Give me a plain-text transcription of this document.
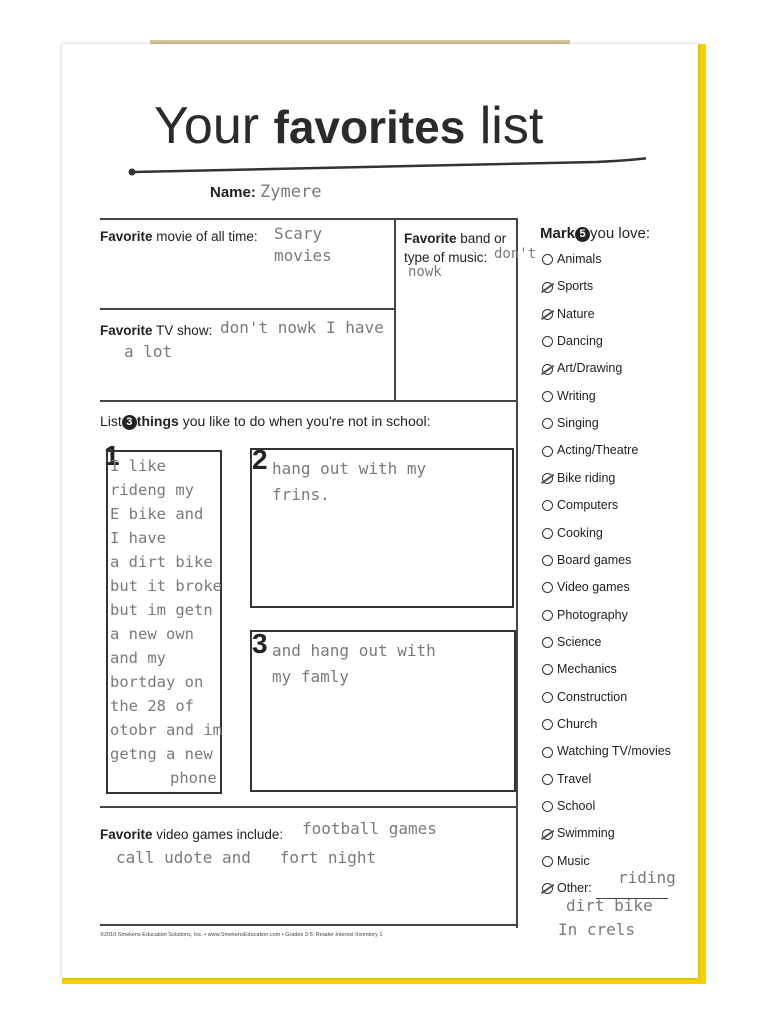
Your favorites list
Name: Zymere
Favorite movie of all time: Scary
movies
Favorite band or
type of music: don't
nowk
Favorite TV show: don't nowk I have
a lot
List 3 things you like to do when you're not in school:
1
I like
rideng my
E bike and
I have
a dirt bike
but it broke
but im getn
a new own
and my
bortday on
the 28 of
otobr and im
getng a new
phone
2 hang out with my
frins.
3 and hang out with
my famly
Favorite video games include: football games
call udote and   fort night
Mark 5 you love:
Animals
Sports
Nature
Dancing
Art/Drawing
Writing
Singing
Acting/Theatre
Bike riding
Computers
Cooking
Board games
Video games
Photography
Science
Mechanics
Construction
Church
Watching TV/movies
Travel
School
Swimming
Music
Other:
riding
dirt bike
In crels
©2010 Smekens Education Solutions, Inc. • www.SmekensEducation.com • Grades 3-5: Reader Interest Inventory 1
